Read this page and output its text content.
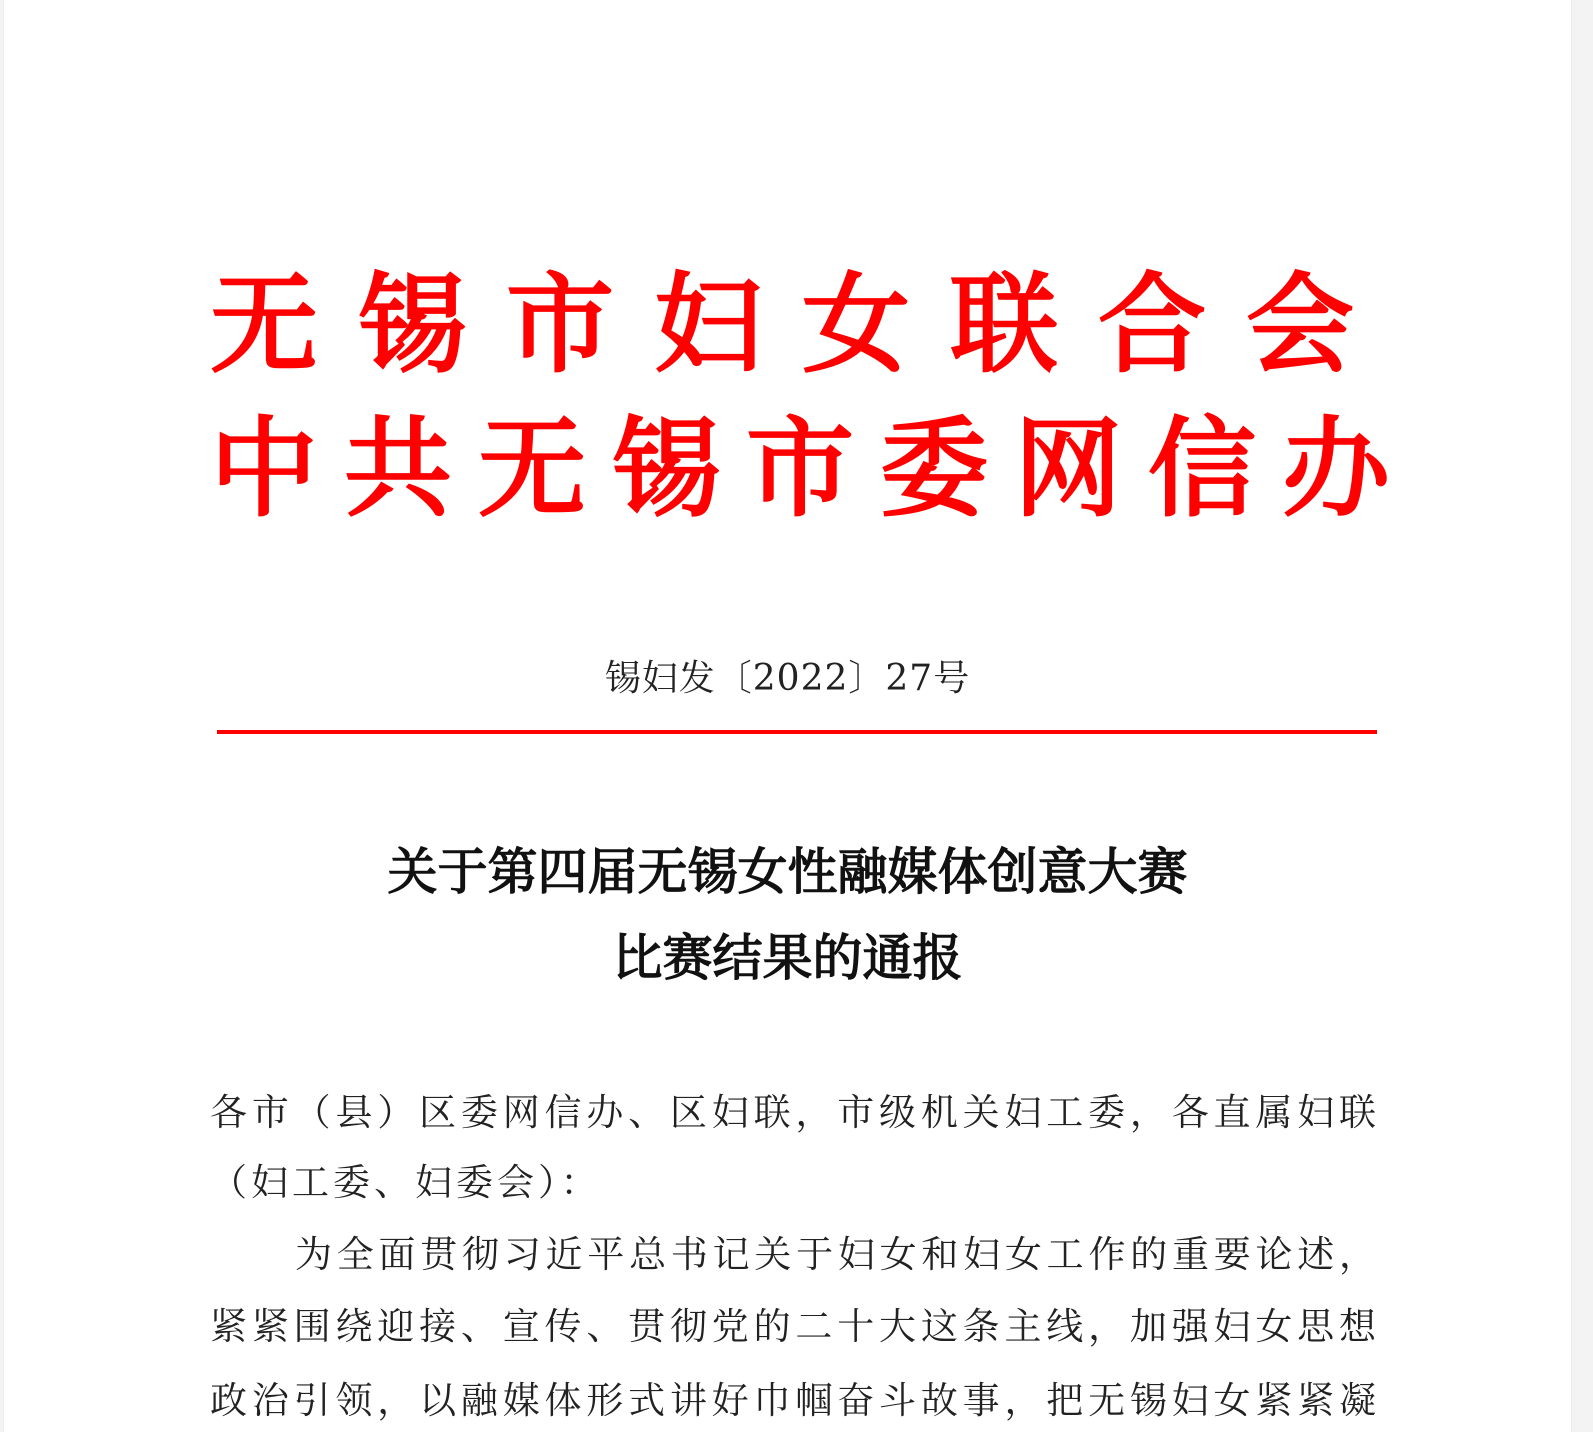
无锡市妇女联合会
中共无锡市委网信办
锡妇发〔2022〕27号
关于第四届无锡女性融媒体创意大赛
比赛结果的通报
各市（县）区委网信办、区妇联，市级机关妇工委，各直属妇联
（妇工委、妇委会）：
为全面贯彻习近平总书记关于妇女和妇女工作的重要论述，
紧紧围绕迎接、宣传、贯彻党的二十大这条主线，加强妇女思想
政治引领，以融媒体形式讲好巾帼奋斗故事，把无锡妇女紧紧凝
